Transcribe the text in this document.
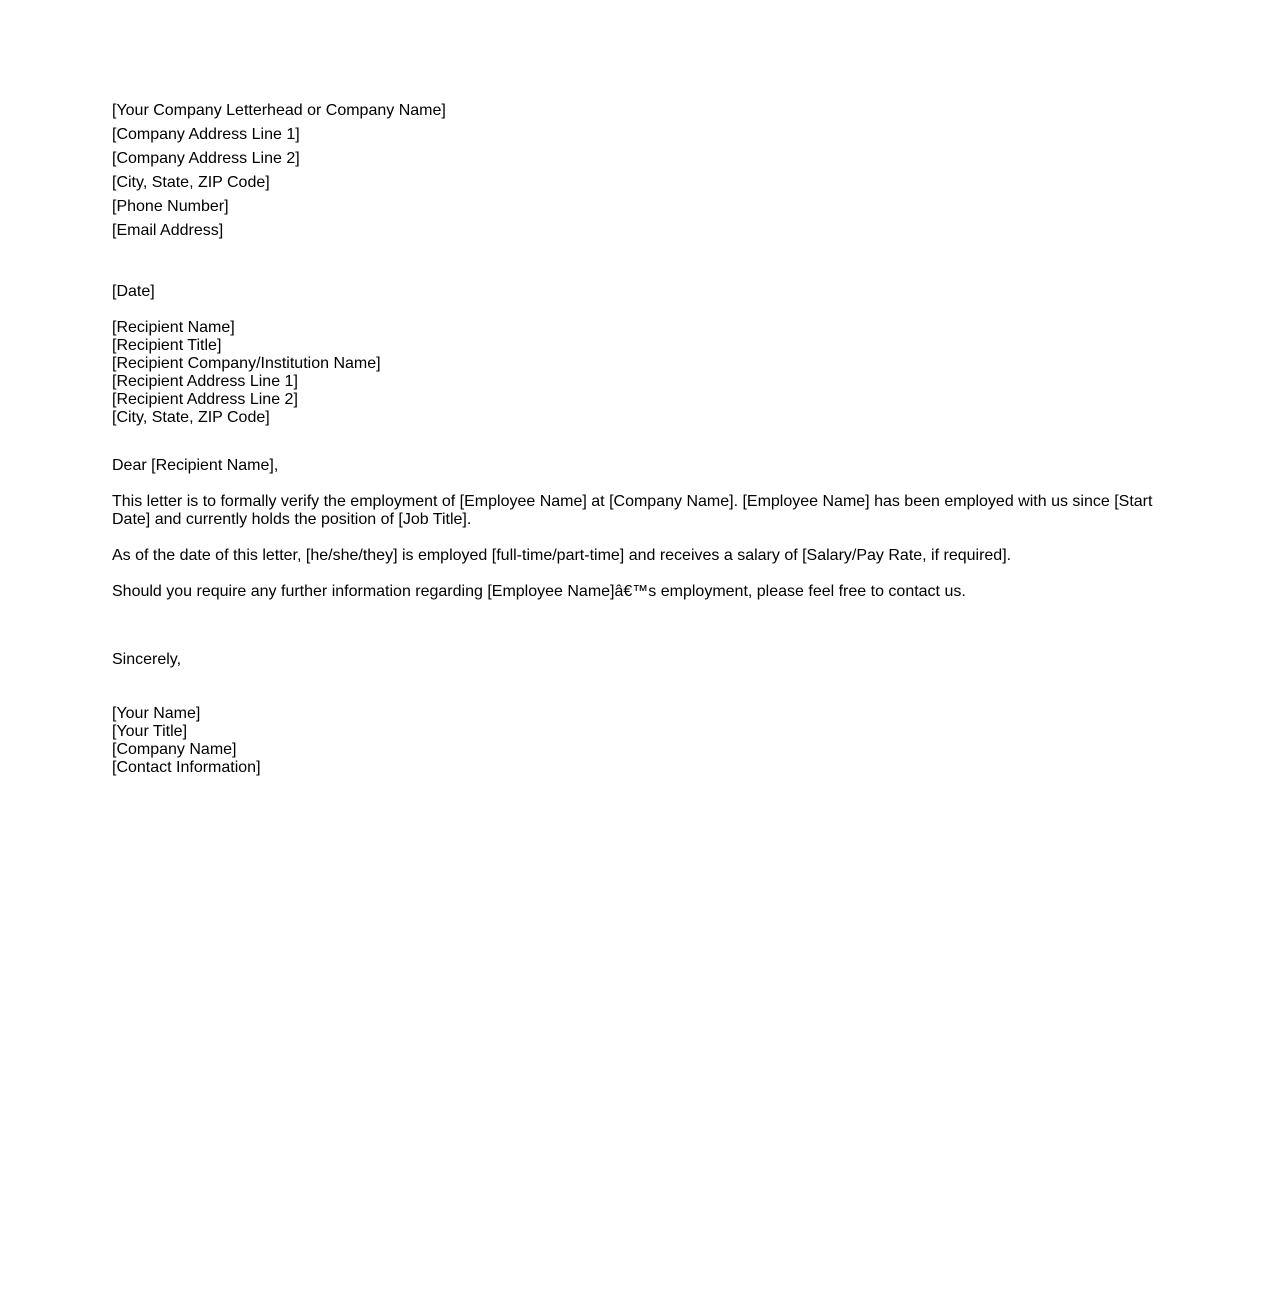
[Your Company Letterhead or Company Name]
[Company Address Line 1]
[Company Address Line 2]
[City, State, ZIP Code]
[Phone Number]
[Email Address]
[Date]
[Recipient Name]
[Recipient Title]
[Recipient Company/Institution Name]
[Recipient Address Line 1]
[Recipient Address Line 2]
[City, State, ZIP Code]
Dear [Recipient Name],
This letter is to formally verify the employment of [Employee Name] at [Company Name]. [Employee Name] has been employed with us since [Start Date] and currently holds the position of [Job Title].
As of the date of this letter, [he/she/they] is employed [full-time/part-time] and receives a salary of [Salary/Pay Rate, if required].
Should you require any further information regarding [Employee Name]â€™s employment, please feel free to contact us.
Sincerely,
[Your Name]
[Your Title]
[Company Name]
[Contact Information]
